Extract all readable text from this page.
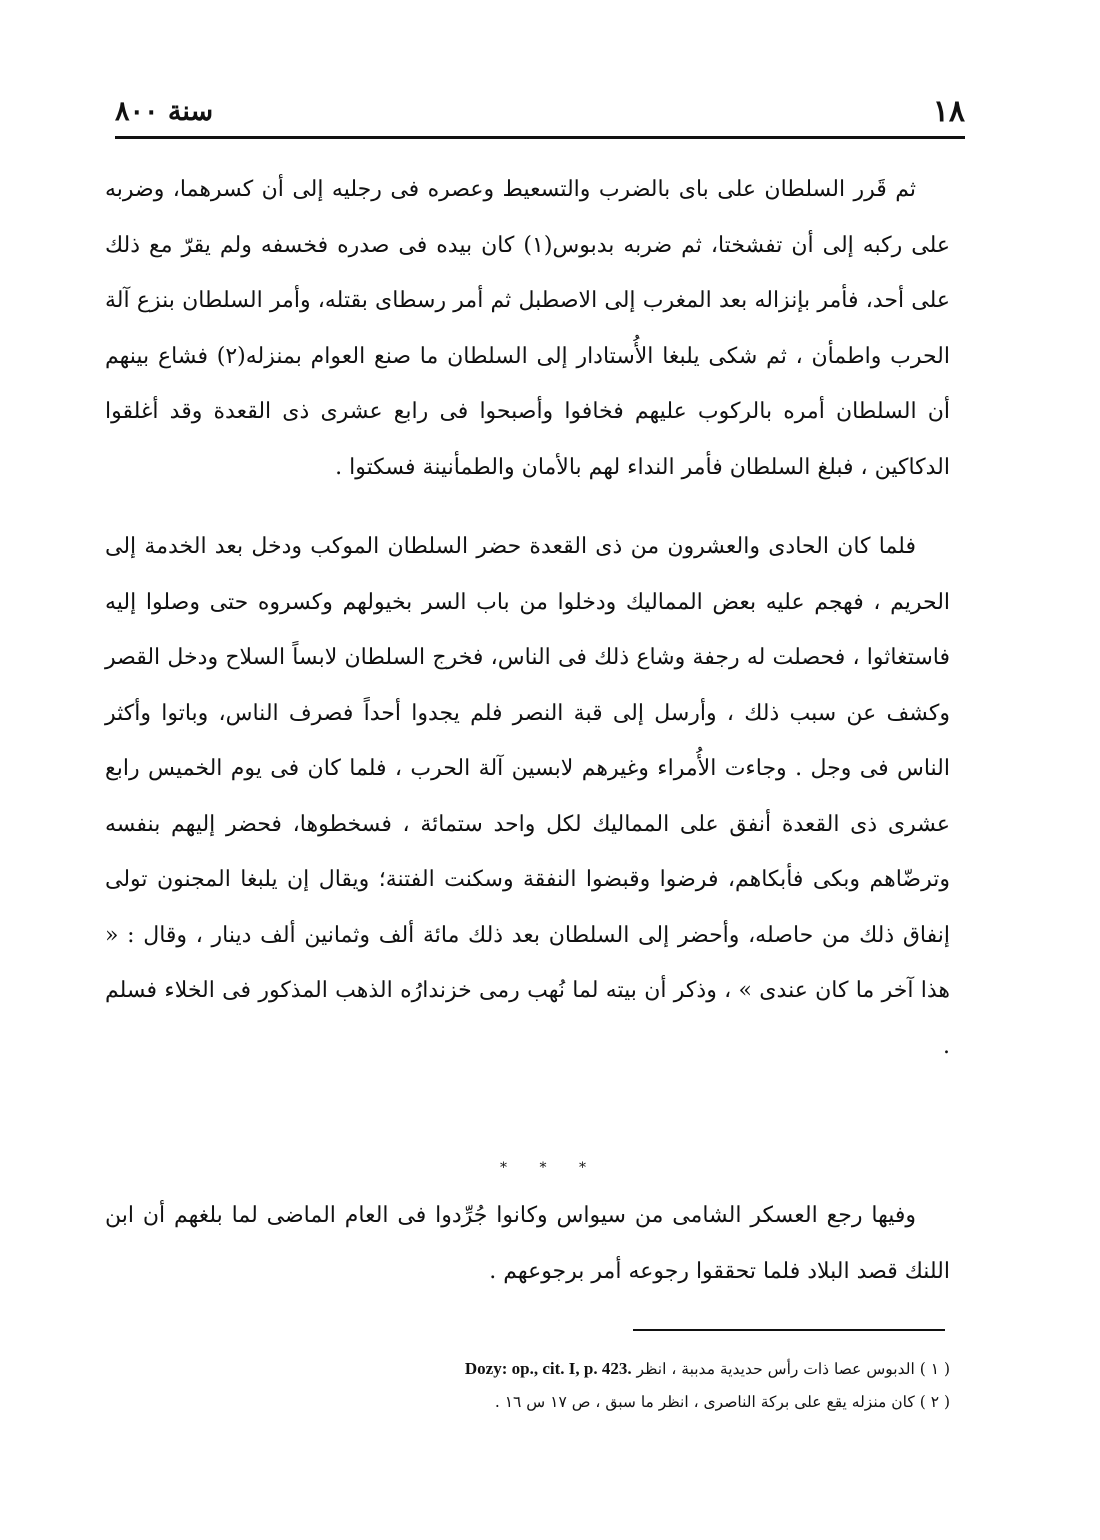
١٨
سنة ٨٠٠

ثم قَرر السلطان على باى بالضرب والتسعيط وعصره فى رجليه إلى أن كسرهما، وضربه على ركبه إلى أن تفشختا، ثم ضربه بدبوس(١) كان بيده فى صدره فخسفه ولم يقرّ مع ذلك على أحد، فأمر بإنزاله بعد المغرب إلى الاصطبل ثم أمر رسطاى بقتله، وأمر السلطان بنزع آلة الحرب واطمأن ، ثم شكى يلبغا الأُستادار إلى السلطان ما صنع العوام بمنزله(٢) فشاع بينهم أن السلطان أمره بالركوب عليهم فخافوا وأصبحوا فى رابع عشرى ذى القعدة وقد أغلقوا الدكاكين ، فبلغ السلطان فأمر النداء لهم بالأمان والطمأنينة فسكتوا .

فلما كان الحادى والعشرون من ذى القعدة حضر السلطان الموكب ودخل بعد الخدمة إلى الحريم ، فهجم عليه بعض المماليك ودخلوا من باب السر بخيولهم وكسروه حتى وصلوا إليه فاستغاثوا ، فحصلت له رجفة وشاع ذلك فى الناس، فخرج السلطان لابساً السلاح ودخل القصر وكشف عن سبب ذلك ، وأرسل إلى قبة النصر فلم يجدوا أحداً فصرف الناس، وباتوا وأكثر الناس فى وجل . وجاءت الأُمراء وغيرهم لابسين آلة الحرب ، فلما كان فى يوم الخميس رابع عشرى ذى القعدة أنفق على المماليك لكل واحد ستمائة ، فسخطوها، فحضر إليهم بنفسه وترضّاهم وبكى فأبكاهم، فرضوا وقبضوا النفقة وسكنت الفتنة؛ ويقال إن يلبغا المجنون تولى إنفاق ذلك من حاصله، وأحضر إلى السلطان بعد ذلك مائة ألف وثمانين ألف دينار ، وقال : « هذا آخر ما كان عندى » ، وذكر أن بيته لما نُهب رمى خزندارُه الذهب المذكور فى الخلاء فسلم .

* * *

وفيها رجع العسكر الشامى من سيواس وكانوا جُرِّدوا فى العام الماضى لما بلغهم أن ابن اللنك قصد البلاد فلما تحققوا رجوعه أمر برجوعهم .

( ١ ) الدبوس عصا ذات رأس حديدية مدببة ، انظر Dozy: op., cit. I, p. 423.
( ٢ ) كان منزله يقع على بركة الناصرى ، انظر ما سبق ، ص ١٧ س ١٦ .
